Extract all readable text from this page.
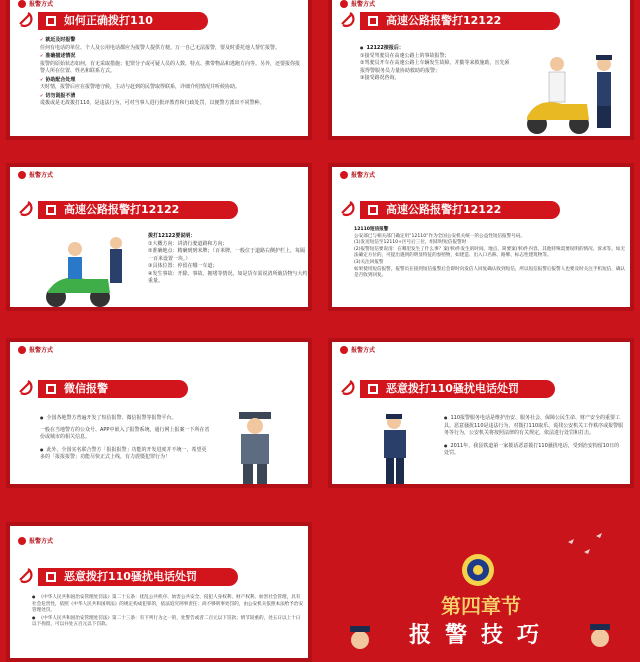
报警方式
如何正确拨打110
✔ 就近及时报警
任何有电话的单位、个人及公用电话都应为报警人提供方便。万一自己无法报警，要及时委托他人帮忙报警。
✔ 准确描述情况
报警的原始状态如何，有无采取措施；犯罪分子或可疑人员的人数、特点、携带物品和逃跑方向等。另外，还要报你报警人所在位置、姓名和联系方式。
✔ 协助配合处理
天时情，报警后应在报警地守候，主动与赶到的民警取得联系，详细介绍情况并听候协助。
✔ 切勿谎报不清
谎拨或是无故拨打110，是违法行为，可对当事人进行批评教育和行政处罚，以便警方派出不同警种。
报警方式
高速公路报警打12122
● 12122接报后：
①接受驾驶员在高速公路上的事故报警；
②驾驶员开车在高速公路上车辆发生故障，并勤等来救施助，且先须报得警服务员力量协助救助的报警；
③接受路况咨询。
报警方式
高速公路报警打12122
拨打12122要说明：
①大概方向：讲清行驶道路和方向；
②准确地点：精确到到米牌；（百米牌，一般位于道路右侧护栏上，每隔一百米设置一块。）
③具体位置：停留在哪一车道；
④发生事故：开除、事故、拥堵等情况，如是货车需说清所载货物与大约重量。
报警方式
高速公路报警打12122
12110短信报警
公安部已与相关部门确定用“12110”作为全国公安机关统一的公益性短信报警号码。
(1)发送短信至12110+区号后三位，组即时短信报警时
(2)报警短信要说清：在哪里发生了什么事？案(事)件发生的时间、地点、简要案(事)件内容、其他特殊需要说明的情况、诉求等。如无法确定方位的，可提出遇到的明显特征的参照物，如建造、出入口名称、路牌、标志性建筑物等。
(3)关注回报警
如果使用短信报警，报警员在接到短信报警后会即时向发信人回复确认收到短信，所以短信报警后报警人也要及时关注手机短信，确认是否收到回复。
报警方式
微信报警
● 全国各地警方普遍开发了短信报警、微信报警等报警平台。
一般在当地警方的公众号、APP中嵌入了报警系统，通行网上报案一下所在省份或城市的相关信息。
● 此外，全国实名联合警方「报报报警」功能的开发进度并不统一，希望更多的「报报报警」功能尽快正式上线，有力震慑犯罪行为！
报警方式
恶意拨打110骚扰电话处罚
● 110报警服务电话是维护治安、服务社会、保障公民生命、财产安全的重要工具。恶意骚扰110是违法行为，对拨打110取乐、谎找公安机关工作秩序或报警服务等行为，公安机关将按照法律的有关规定，依法进行处罚和打击。
● 2011年，我县铁道第一家拨话恶意拨打110骚扰电话，受到治安拘留10日的处罚。
报警方式
恶意拨打110骚扰电话处罚
● 《中华人民共和国治安管理处罚法》第二十五条：扰乱公共秩序、妨害公共安全、侵犯人身权利、财产权利、妨害社会管理，具有社会危害性，依照《中华人民共和国刑法》的规定构成犯罪的，依法追究刑事责任；尚不够刑事处罚的，由公安机关依照本法给予治安管理处罚。
● 《中华人民共和国治安管理处罚法》第二十三条：有下列行为之一的，处警告或者二百元以下罚款；情节较重的，处五日以上十日以下拘留，可以并处五百元以下罚款。
第四章节
报警技巧
